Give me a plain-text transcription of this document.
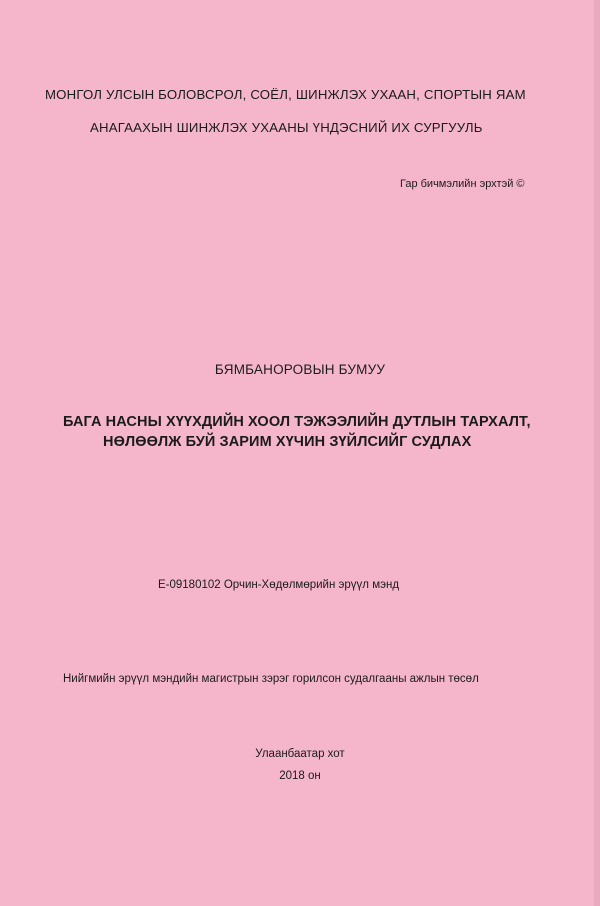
МОНГОЛ УЛСЫН БОЛОВСРОЛ, СОЁЛ, ШИНЖЛЭХ УХААН, СПОРТЫН ЯАМ
АНАГААХЫН ШИНЖЛЭХ УХААНЫ ҮНДЭСНИЙ ИХ СУРГУУЛЬ
Гар бичмэлийн эрхтэй ©
БЯМБАНОРОВЫН БУМУУ
БАГА НАСНЫ ХҮҮХДИЙН ХООЛ ТЭЖЭЭЛИЙН ДУТЛЫН ТАРХАЛТ,
НӨЛӨӨЛЖ БУЙ ЗАРИМ ХҮЧИН ЗҮЙЛСИЙГ СУДЛАХ
E-09180102 Орчин-Хөдөлмөрийн эрүүл мэнд
Нийгмийн эрүүл мэндийн магистрын зэрэг горилсон судалгааны ажлын төсөл
Улаанбаатар хот
2018 он
